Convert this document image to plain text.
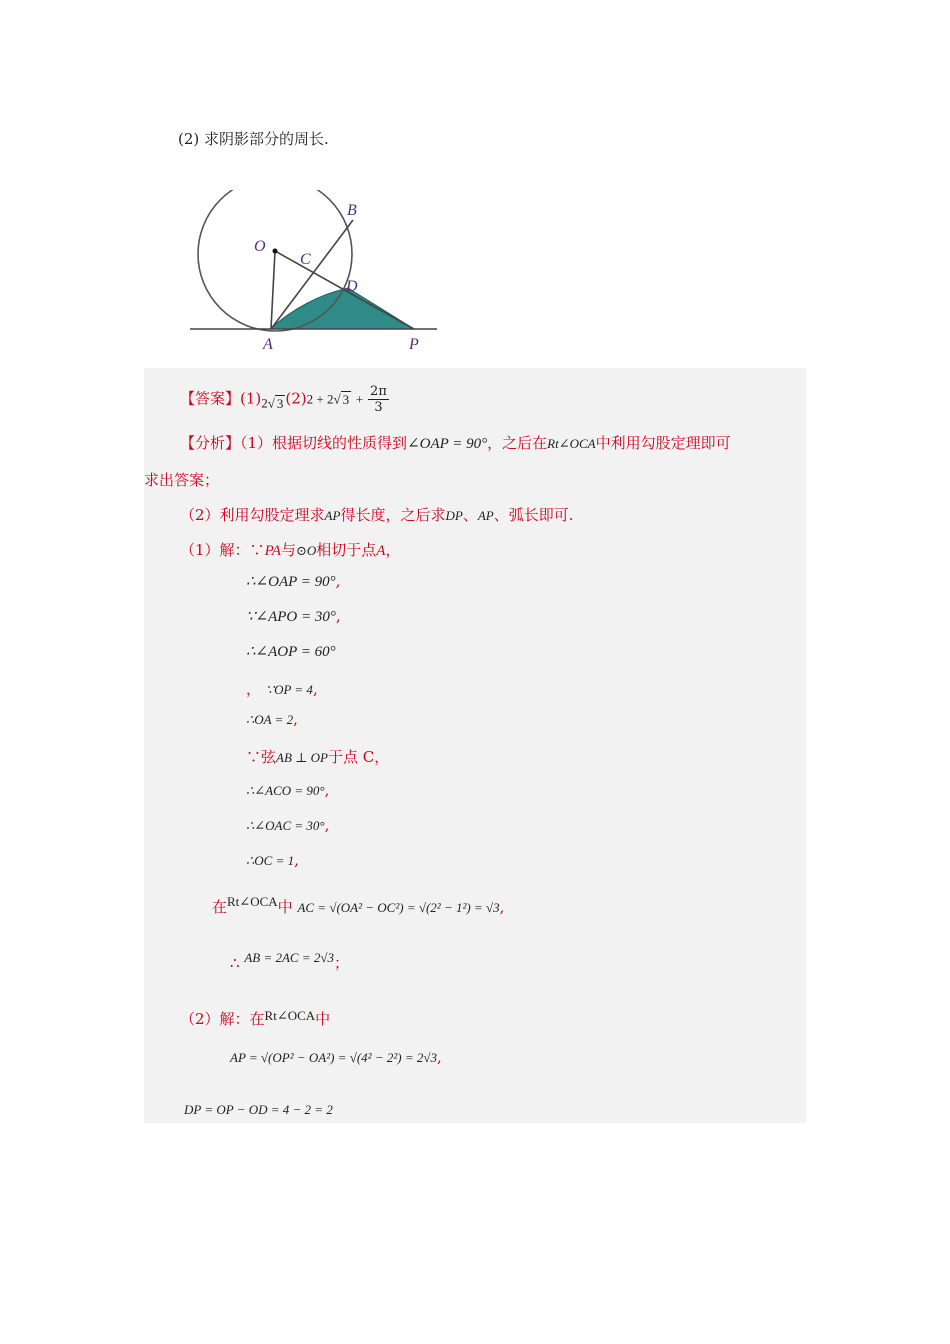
(2) 求阴影部分的周长.
O
B
C
D
A	P
【答案】(1)2√ 3 (2)2 + 2√ $3 + \frac{2\pi}{3}$
【分析】（1）根据切线的性质得到∠OAP = 90°，之后在Rt∠OCA中利用勾股定理即可
求出答案；
（2）利用勾股定理求AP得长度，之后求DP、AP、弧长即可.
（1）解：∵PA与⊙O相切于点A，
∴∠OAP = 90°,
∵∠APO = 30°,
∴∠AOP = 60°
， ∵OP = 4,
∴OA = 2,
∵弦AB ⊥ OP于点 C，
∴∠ACO = 90°,
∴∠OAC = 30°,
∴OC = 1,
在Rt∠OCA中 AC = √(OA² − OC²) = √(2² − 1²) = √3,
∴ AB = 2AC = 2√3；
（2）解：在Rt∠OCA中
AP = √(OP² − OA²) = √(4² − 2²) = 2√3,
DP = OP − OD = 4 − 2 = 2
